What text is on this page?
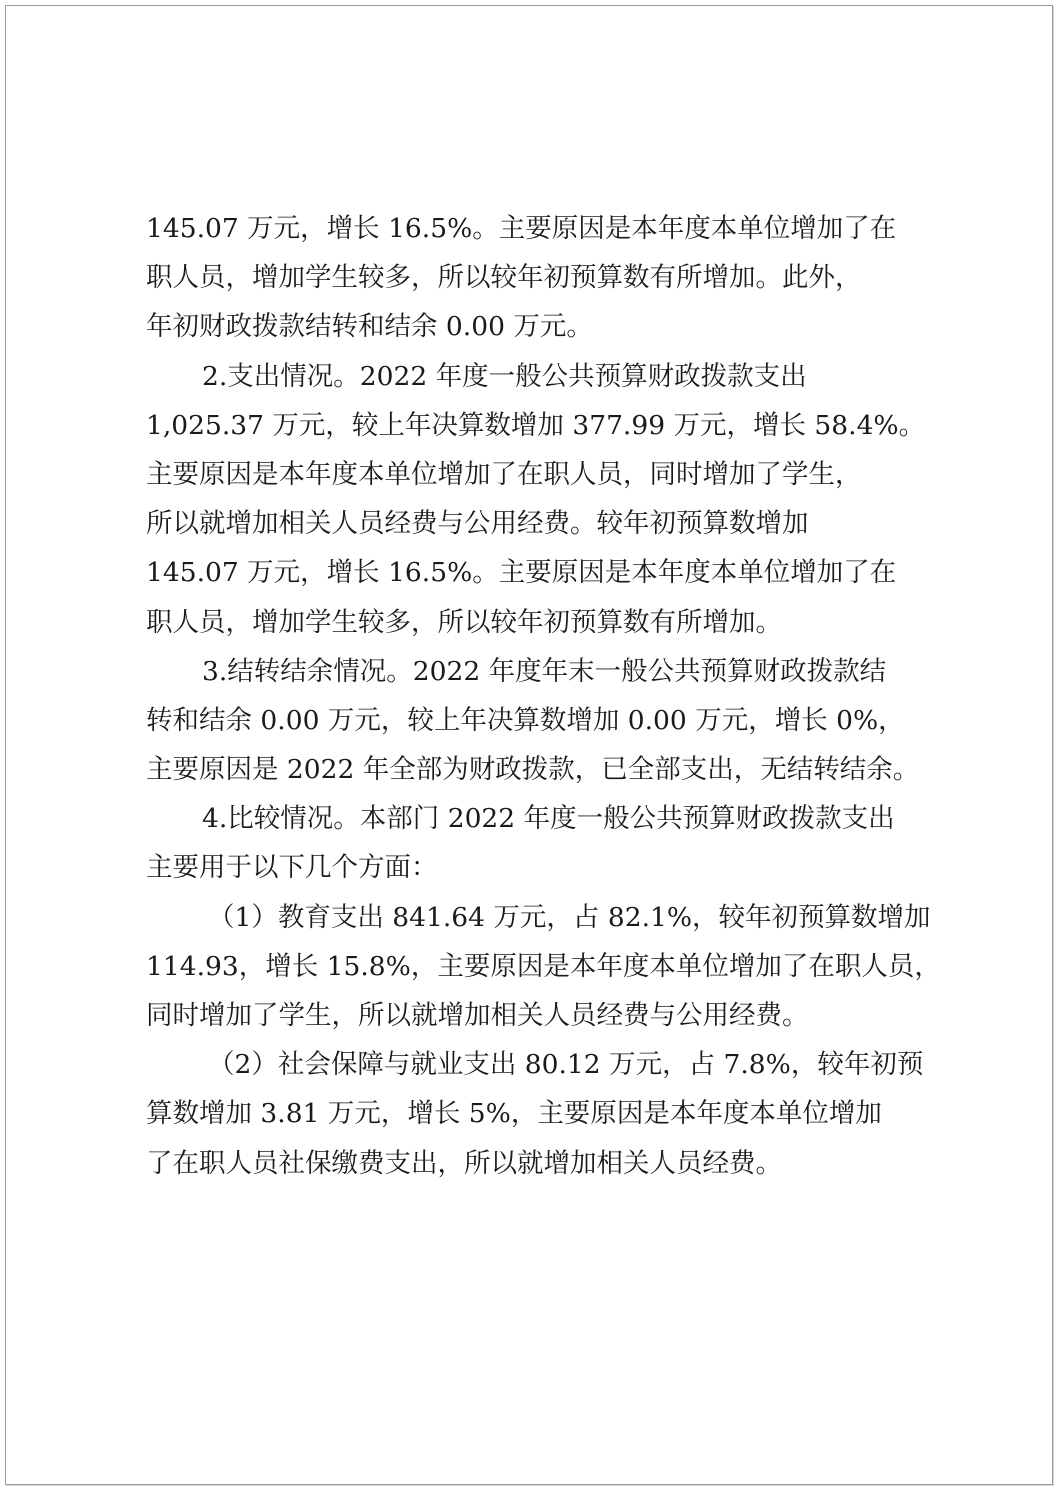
145.07 万元，增长 16.5%。主要原因是本年度本单位增加了在
职人员，增加学生较多，所以较年初预算数有所增加。此外，
年初财政拨款结转和结余 0.00 万元。
2.支出情况。2022 年度一般公共预算财政拨款支出
1,025.37 万元，较上年决算数增加 377.99 万元，增长 58.4%。
主要原因是本年度本单位增加了在职人员，同时增加了学生，
所以就增加相关人员经费与公用经费。较年初预算数增加
145.07 万元，增长 16.5%。主要原因是本年度本单位增加了在
职人员，增加学生较多，所以较年初预算数有所增加。
3.结转结余情况。2022 年度年末一般公共预算财政拨款结
转和结余 0.00 万元，较上年决算数增加 0.00 万元，增长 0%，
主要原因是 2022 年全部为财政拨款，已全部支出，无结转结余。
4.比较情况。本部门 2022 年度一般公共预算财政拨款支出
主要用于以下几个方面：
（1）教育支出 841.64 万元，占 82.1%，较年初预算数增加
114.93，增长 15.8%，主要原因是本年度本单位增加了在职人员，
同时增加了学生，所以就增加相关人员经费与公用经费。
（2）社会保障与就业支出 80.12 万元，占 7.8%，较年初预
算数增加 3.81 万元，增长 5%，主要原因是本年度本单位增加
了在职人员社保缴费支出，所以就增加相关人员经费。
